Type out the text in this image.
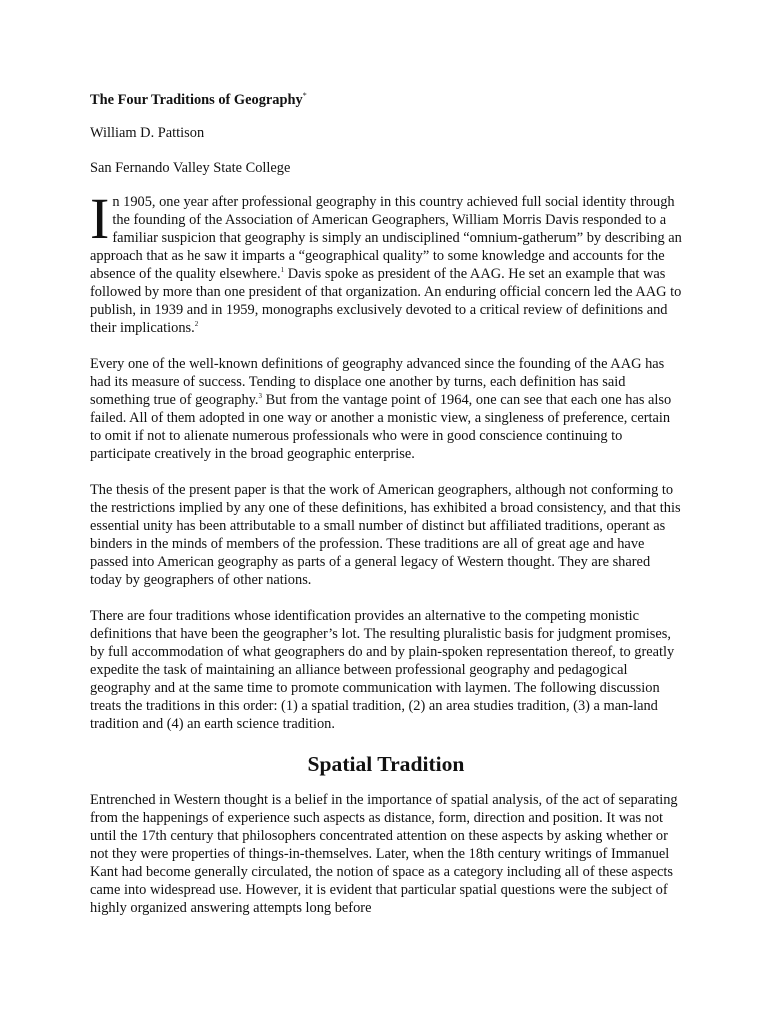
The Four Traditions of Geography*

William D. Pattison

San Fernando Valley State College

In 1905, one year after professional geography in this country achieved full social identity through the founding of the Association of American Geographers, William Morris Davis responded to a familiar suspicion that geography is simply an undisciplined “omnium-gatherum” by describing an approach that as he saw it imparts a “geographical quality” to some knowledge and accounts for the absence of the quality elsewhere.$^1$ Davis spoke as president of the AAG. He set an example that was followed by more than one president of that organization. An enduring official concern led the AAG to publish, in 1939 and in 1959, monographs exclusively devoted to a critical review of definitions and their implications.$^2$

Every one of the well-known definitions of geography advanced since the founding of the AAG has had its measure of success. Tending to displace one another by turns, each definition has said something true of geography.$^3$ But from the vantage point of 1964, one can see that each one has also failed. All of them adopted in one way or another a monistic view, a singleness of preference, certain to omit if not to alienate numerous professionals who were in good conscience continuing to participate creatively in the broad geographic enterprise.

The thesis of the present paper is that the work of American geographers, although not conforming to the restrictions implied by any one of these definitions, has exhibited a broad consistency, and that this essential unity has been attributable to a small number of distinct but affiliated traditions, operant as binders in the minds of members of the profession. These traditions are all of great age and have passed into American geography as parts of a general legacy of Western thought. They are shared today by geographers of other nations.

There are four traditions whose identification provides an alternative to the competing monistic definitions that have been the geographer’s lot. The resulting pluralistic basis for judgment promises, by full accommodation of what geographers do and by plain-spoken representation thereof, to greatly expedite the task of maintaining an alliance between professional geography and pedagogical geography and at the same time to promote communication with laymen. The following discussion treats the traditions in this order: (1) a spatial tradition, (2) an area studies tradition, (3) a man-land tradition and (4) an earth science tradition.

Spatial Tradition

Entrenched in Western thought is a belief in the importance of spatial analysis, of the act of separating from the happenings of experience such aspects as distance, form, direction and position. It was not until the 17th century that philosophers concentrated attention on these aspects by asking whether or not they were properties of things-in-themselves. Later, when the 18th century writings of Immanuel Kant had become generally circulated, the notion of space as a category including all of these aspects came into widespread use. However, it is evident that particular spatial questions were the subject of highly organized answering attempts long before
